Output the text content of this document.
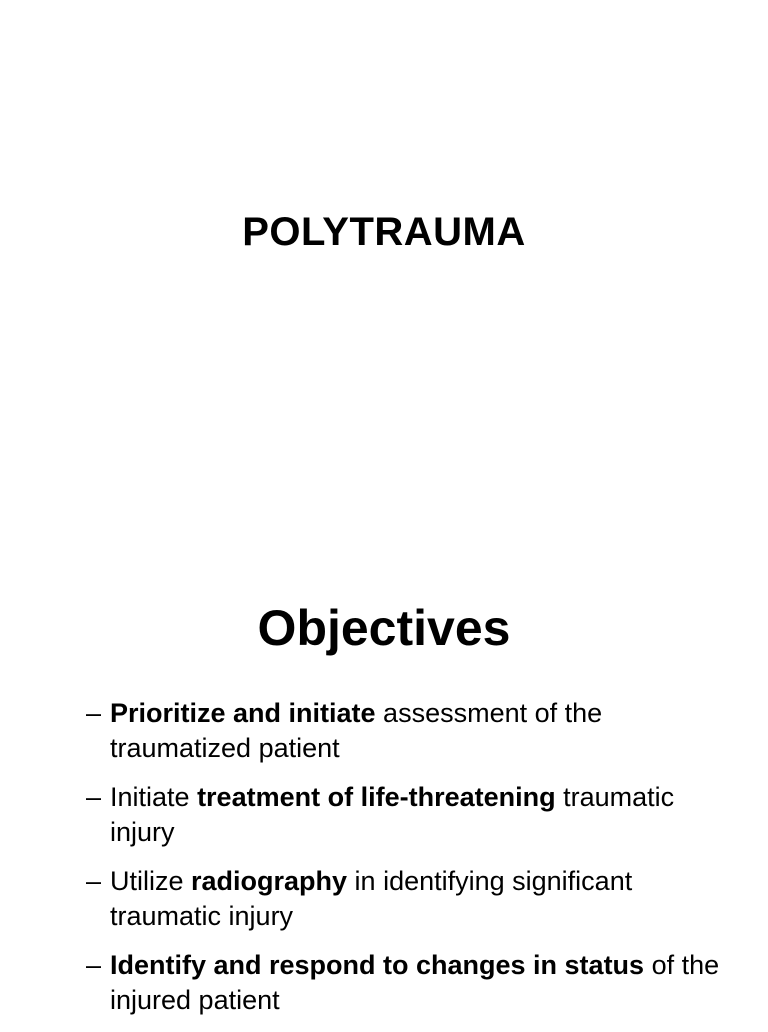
POLYTRAUMA
Objectives
– Prioritize and initiate assessment of the traumatized patient
– Initiate treatment of life-threatening traumatic injury
– Utilize radiography in identifying significant traumatic injury
– Identify and respond to changes in status of the injured patient
